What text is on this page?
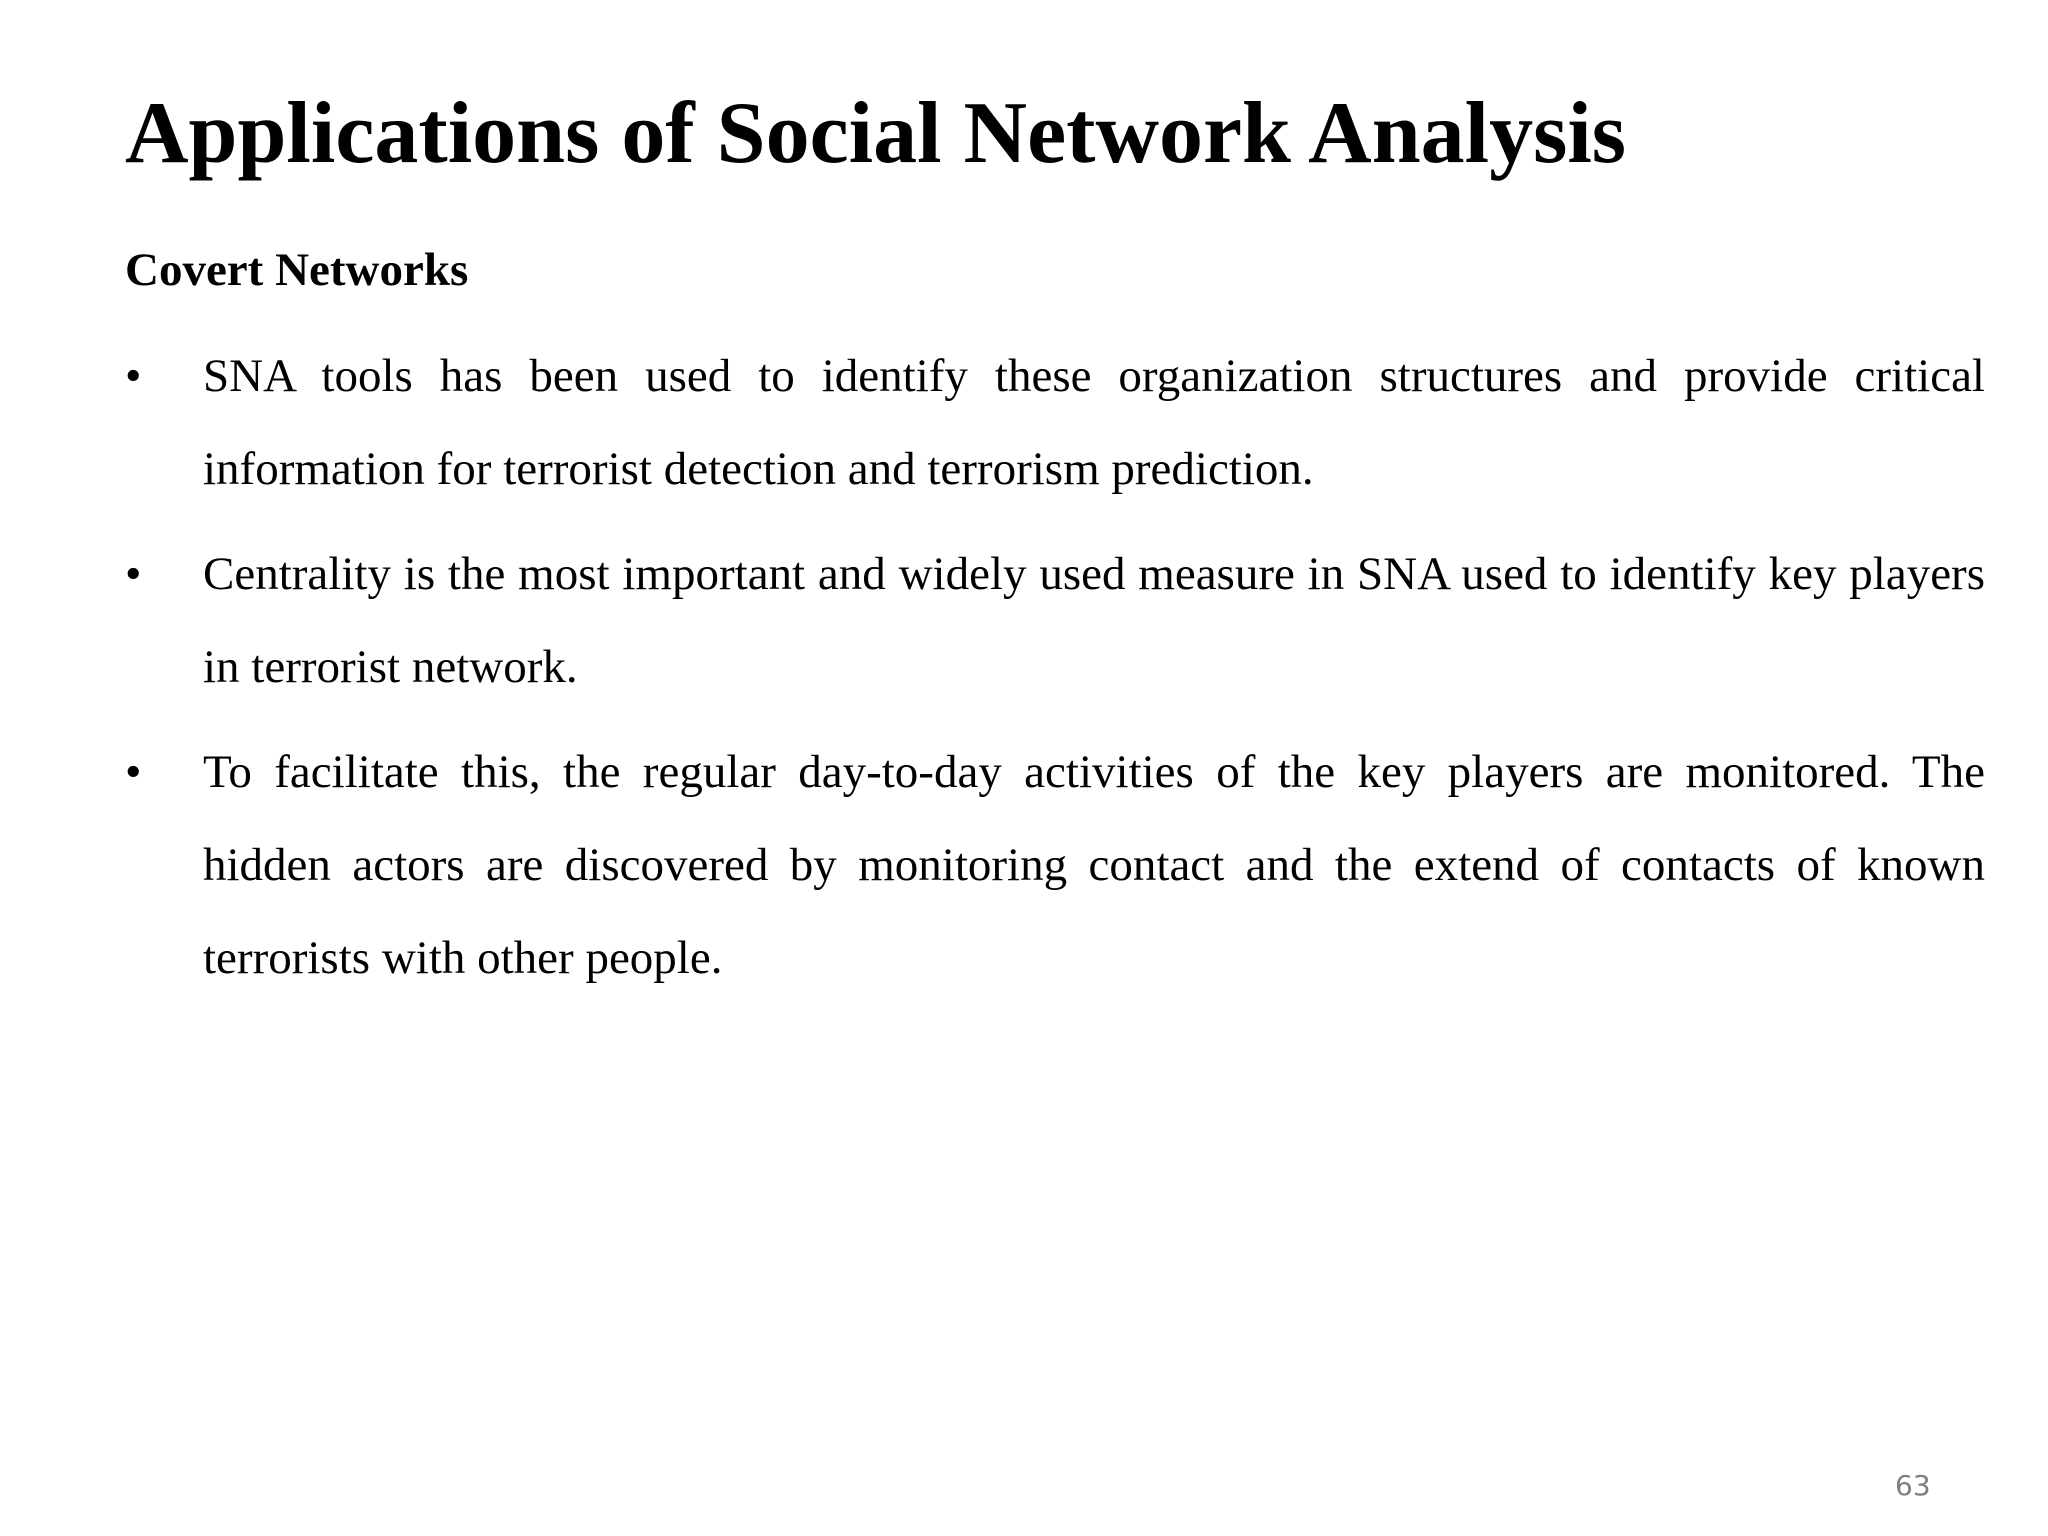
Applications of Social Network Analysis
Covert Networks
• SNA tools has been used to identify these organization structures and provide critical information for terrorist detection and terrorism prediction.
• Centrality is the most important and widely used measure in SNA used to identify key players in terrorist network.
• To facilitate this, the regular day-to-day activities of the key players are monitored. The hidden actors are discovered by monitoring contact and the extend of contacts of known terrorists with other people.
63
